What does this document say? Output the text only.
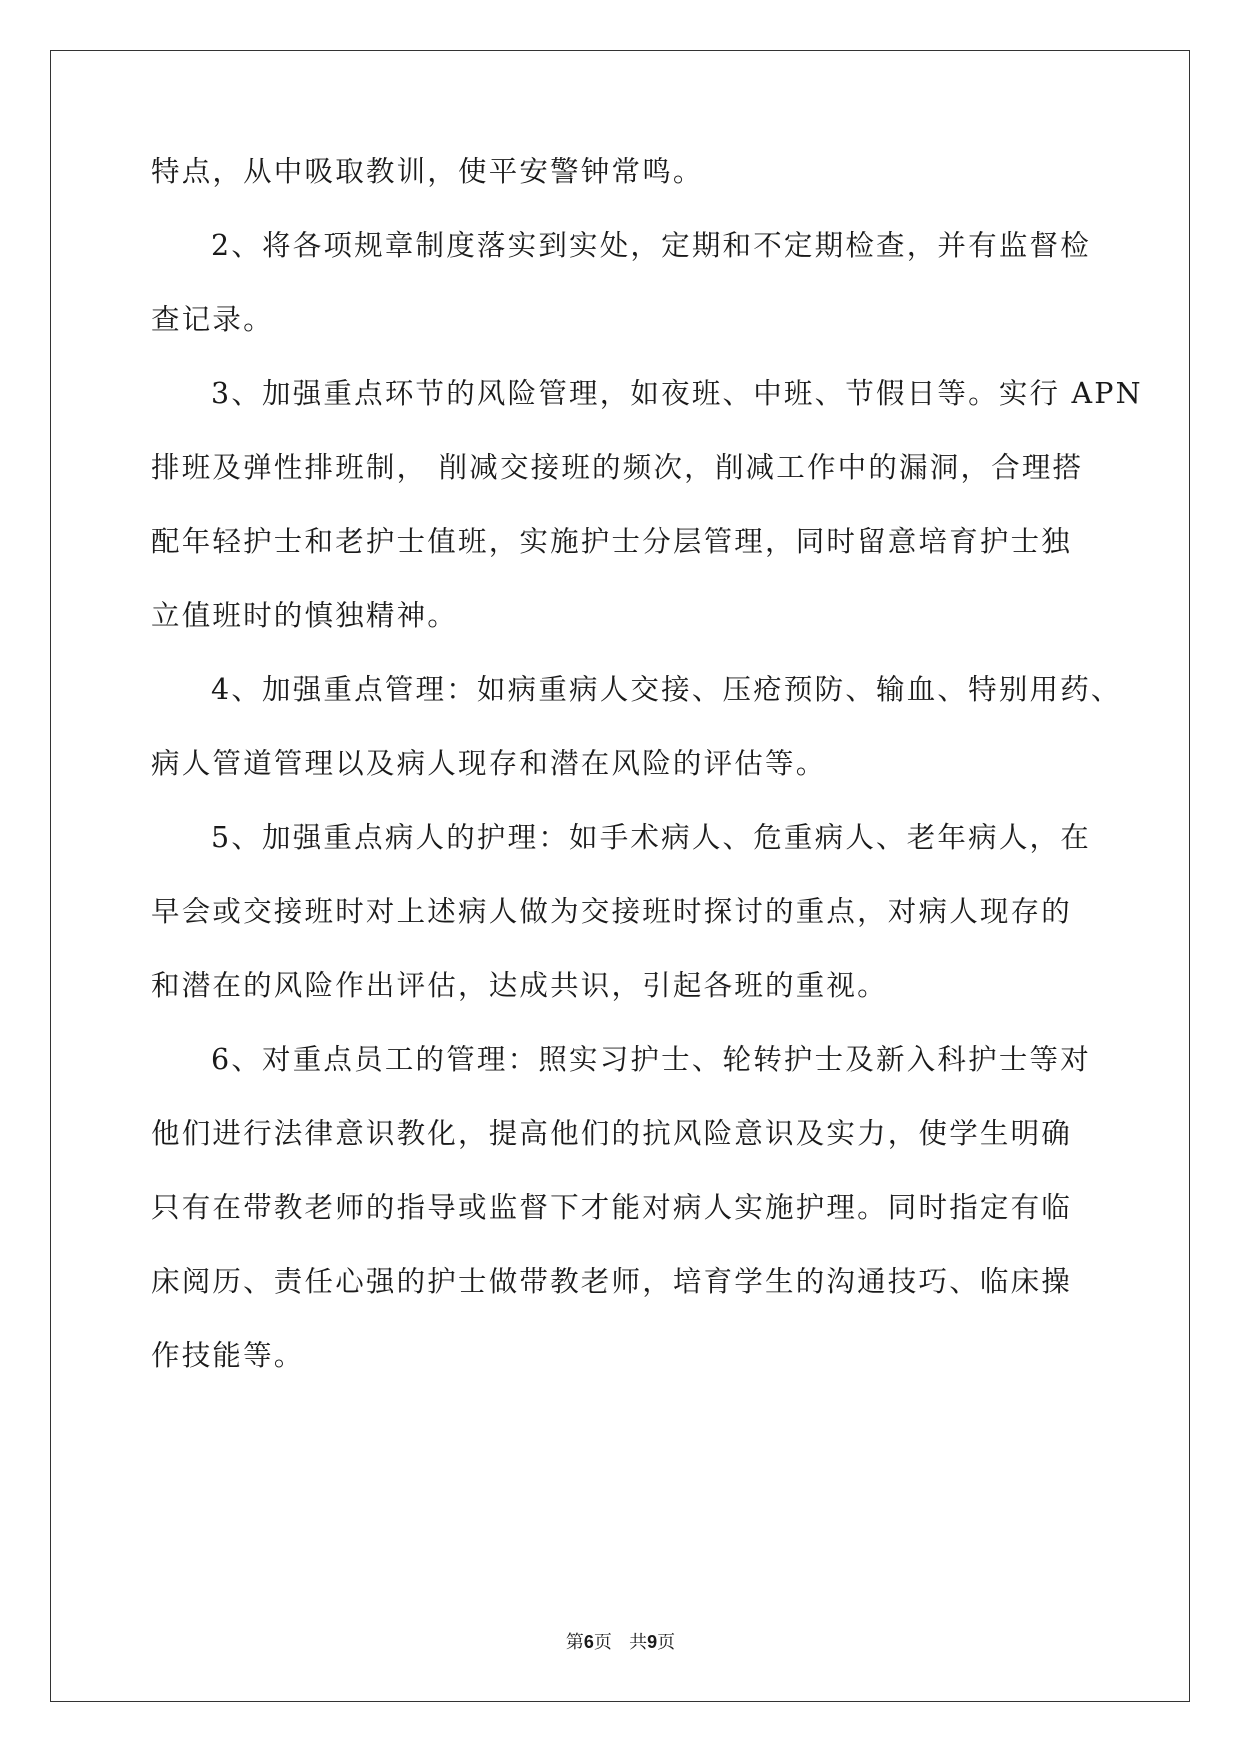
特点，从中吸取教训，使平安警钟常鸣。
2、将各项规章制度落实到实处，定期和不定期检查，并有监督检
查记录。
3、加强重点环节的风险管理，如夜班、中班、节假日等。实行 APN
排班及弹性排班制， 削减交接班的频次，削减工作中的漏洞，合理搭
配年轻护士和老护士值班，实施护士分层管理，同时留意培育护士独
立值班时的慎独精神。
4、加强重点管理：如病重病人交接、压疮预防、输血、特别用药、
病人管道管理以及病人现存和潜在风险的评估等。
5、加强重点病人的护理：如手术病人、危重病人、老年病人，在
早会或交接班时对上述病人做为交接班时探讨的重点，对病人现存的
和潜在的风险作出评估，达成共识，引起各班的重视。
6、对重点员工的管理：照实习护士、轮转护士及新入科护士等对
他们进行法律意识教化，提高他们的抗风险意识及实力，使学生明确
只有在带教老师的指导或监督下才能对病人实施护理。同时指定有临
床阅历、责任心强的护士做带教老师，培育学生的沟通技巧、临床操
作技能等。
第6页 共9页
